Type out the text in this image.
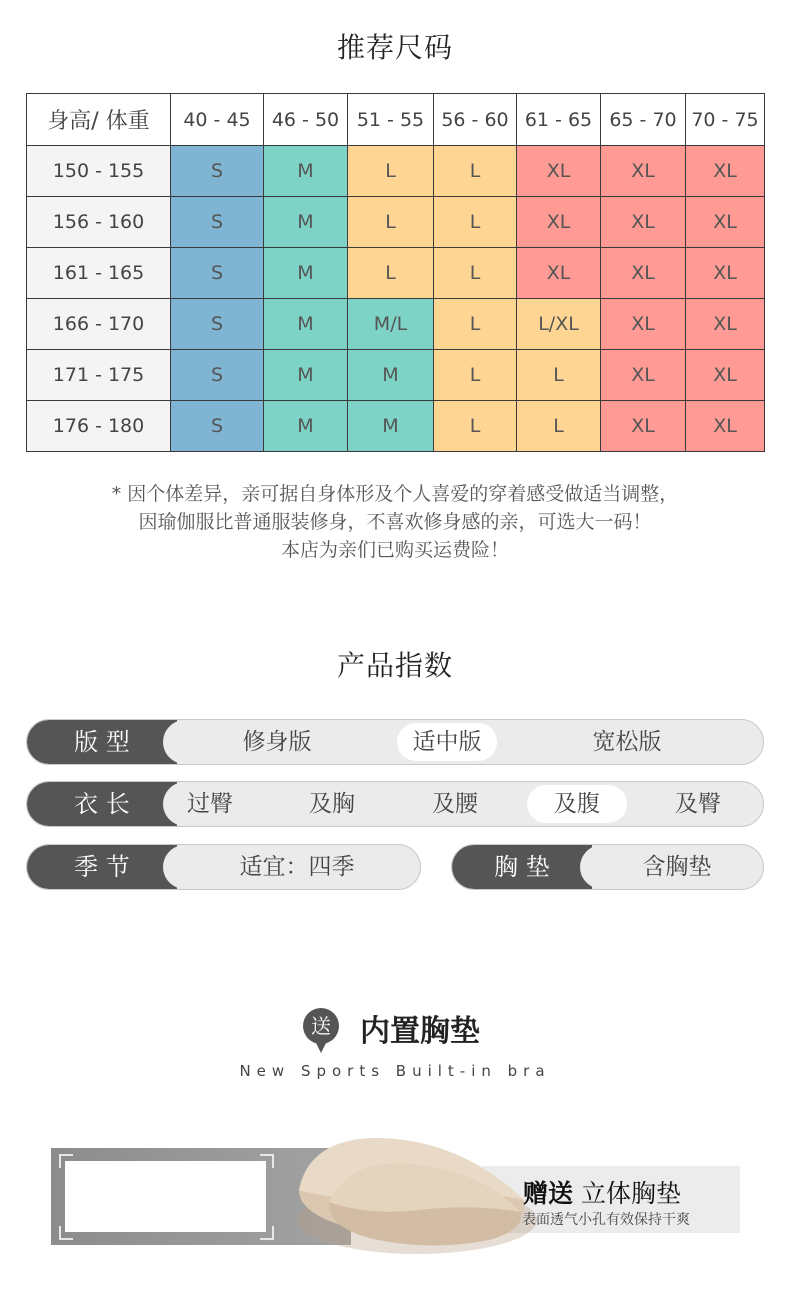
推荐尺码
身高/ 体重	40 - 45	46 - 50	51 - 55	56 - 60	61 - 65	65 - 70	70 - 75
150 - 155	S	M	L	L	XL	XL	XL
156 - 160	S	M	L	L	XL	XL	XL
161 - 165	S	M	L	L	XL	XL	XL
166 - 170	S	M	M/L	L	L/XL	XL	XL
171 - 175	S	M	M	L	L	XL	XL
176 - 180	S	M	M	L	L	XL	XL
* 因个体差异，亲可据自身体形及个人喜爱的穿着感受做适当调整，
因瑜伽服比普通服装修身，不喜欢修身感的亲，可选大一码！
本店为亲们已购买运费险！
产品指数
版 型	修身版	适中版	宽松版
衣 长	过臀	及胸	及腰	及腹	及臀
季 节	适宜：四季	胸 垫	含胸垫
送 内置胸垫
New Sports Built-in bra
赠送 立体胸垫
表面透气小孔有效保持干爽
